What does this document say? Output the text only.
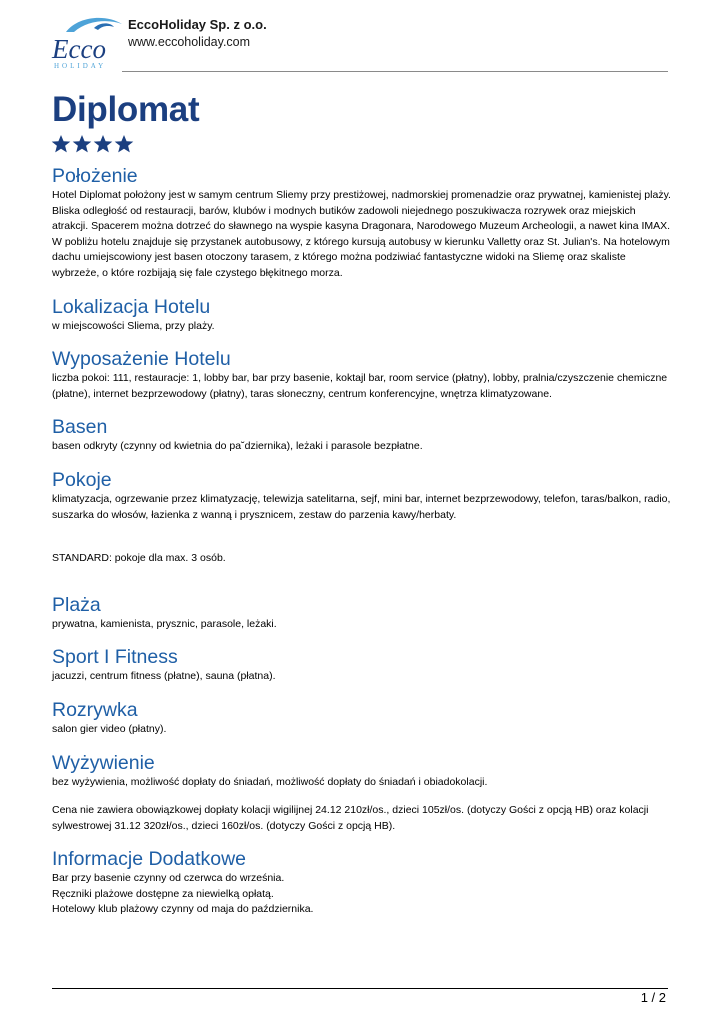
Ecco
HOLIDAY
EccoHoliday Sp. z o.o.
www.eccoholiday.com
Diplomat
Położenie

Hotel Diplomat położony jest w samym centrum Sliemy przy prestiżowej, nadmorskiej promenadzie oraz prywatnej, kamienistej plaży. Bliska odległość od restauracji, barów, klubów i modnych butików zadowoli niejednego poszukiwacza rozrywek oraz miejskich atrakcji. Spacerem można dotrzeć do sławnego na wyspie kasyna Dragonara, Narodowego Muzeum Archeologii, a nawet kina IMAX. W pobliżu hotelu znajduje się przystanek autobusowy, z którego kursują autobusy w kierunku Valletty oraz St. Julian's. Na hotelowym dachu umiejscowiony jest basen otoczony tarasem, z którego można podziwiać fantastyczne widoki na Sliemę oraz skaliste wybrzeże, o które rozbijają się fale czystego błękitnego morza.

Lokalizacja Hotelu

w miejscowości Sliema, przy plaży.

Wyposażenie Hotelu

liczba pokoi: 111, restauracje: 1, lobby bar, bar przy basenie, koktajl bar, room service (płatny), lobby, pralnia/czyszczenie chemiczne (płatne), internet bezprzewodowy (płatny), taras słoneczny, centrum konferencyjne, wnętrza klimatyzowane.

Basen

basen odkryty (czynny od kwietnia do pa˘dziernika), leżaki i parasole bezpłatne.

Pokoje

klimatyzacja, ogrzewanie przez klimatyzację, telewizja satelitarna, sejf, mini bar, internet bezprzewodowy, telefon, taras/balkon, radio, suszarka do włosów, łazienka z wanną i prysznicem, zestaw do parzenia kawy/herbaty.

STANDARD: pokoje dla max. 3 osób.

Plaża

prywatna, kamienista, prysznic, parasole, leżaki.

Sport I Fitness

jacuzzi, centrum fitness (płatne), sauna (płatna).

Rozrywka

salon gier video (płatny).

Wyżywienie

bez wyżywienia, możliwość dopłaty do śniadań, możliwość dopłaty do śniadań i obiadokolacji.

Cena nie zawiera obowiązkowej dopłaty kolacji wigilijnej 24.12 210zł/os., dzieci 105zł/os. (dotyczy Gości z opcją HB) oraz kolacji sylwestrowej 31.12 320zł/os., dzieci 160zł/os. (dotyczy Gości z opcją HB).

Informacje Dodatkowe

Bar przy basenie czynny od czerwca do września.
Ręczniki plażowe dostępne za niewielką opłatą.
Hotelowy klub plażowy czynny od maja do października.

1 / 2
